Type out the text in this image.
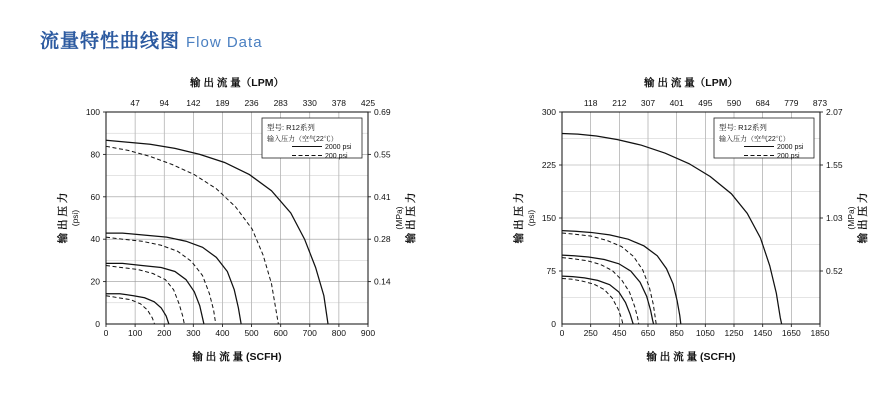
流量特性曲线图 Flow Data
0 100 200 300 400 500 600 700 800 900
47 94 142 189 236 283 330 378 425
20
40
60
80
100
0.14
0.28
0.41
0.55
0.69
0
输 出 压 力 (psi)	输 出 压 力
(MPa)
输 出 流 量（LPM）
输 出 流 量 (SCFH)
型号: R12系列
输入压力（空气22℃）
2000 psi
200 psi
0 250 450 650 850 1050 1250 1450 1650 1850
118 212 307 401 495 590 684 779 873
75
150
225
300
0.52
1.03
1.55
2.07
0
输 出 压 力 (psi)	输 出 压 力
(MPa)
输 出 流 量（LPM）
输 出 流 量 (SCFH)
型号: R12系列
输入压力（空气22℃）
2000 psi
200 psi
